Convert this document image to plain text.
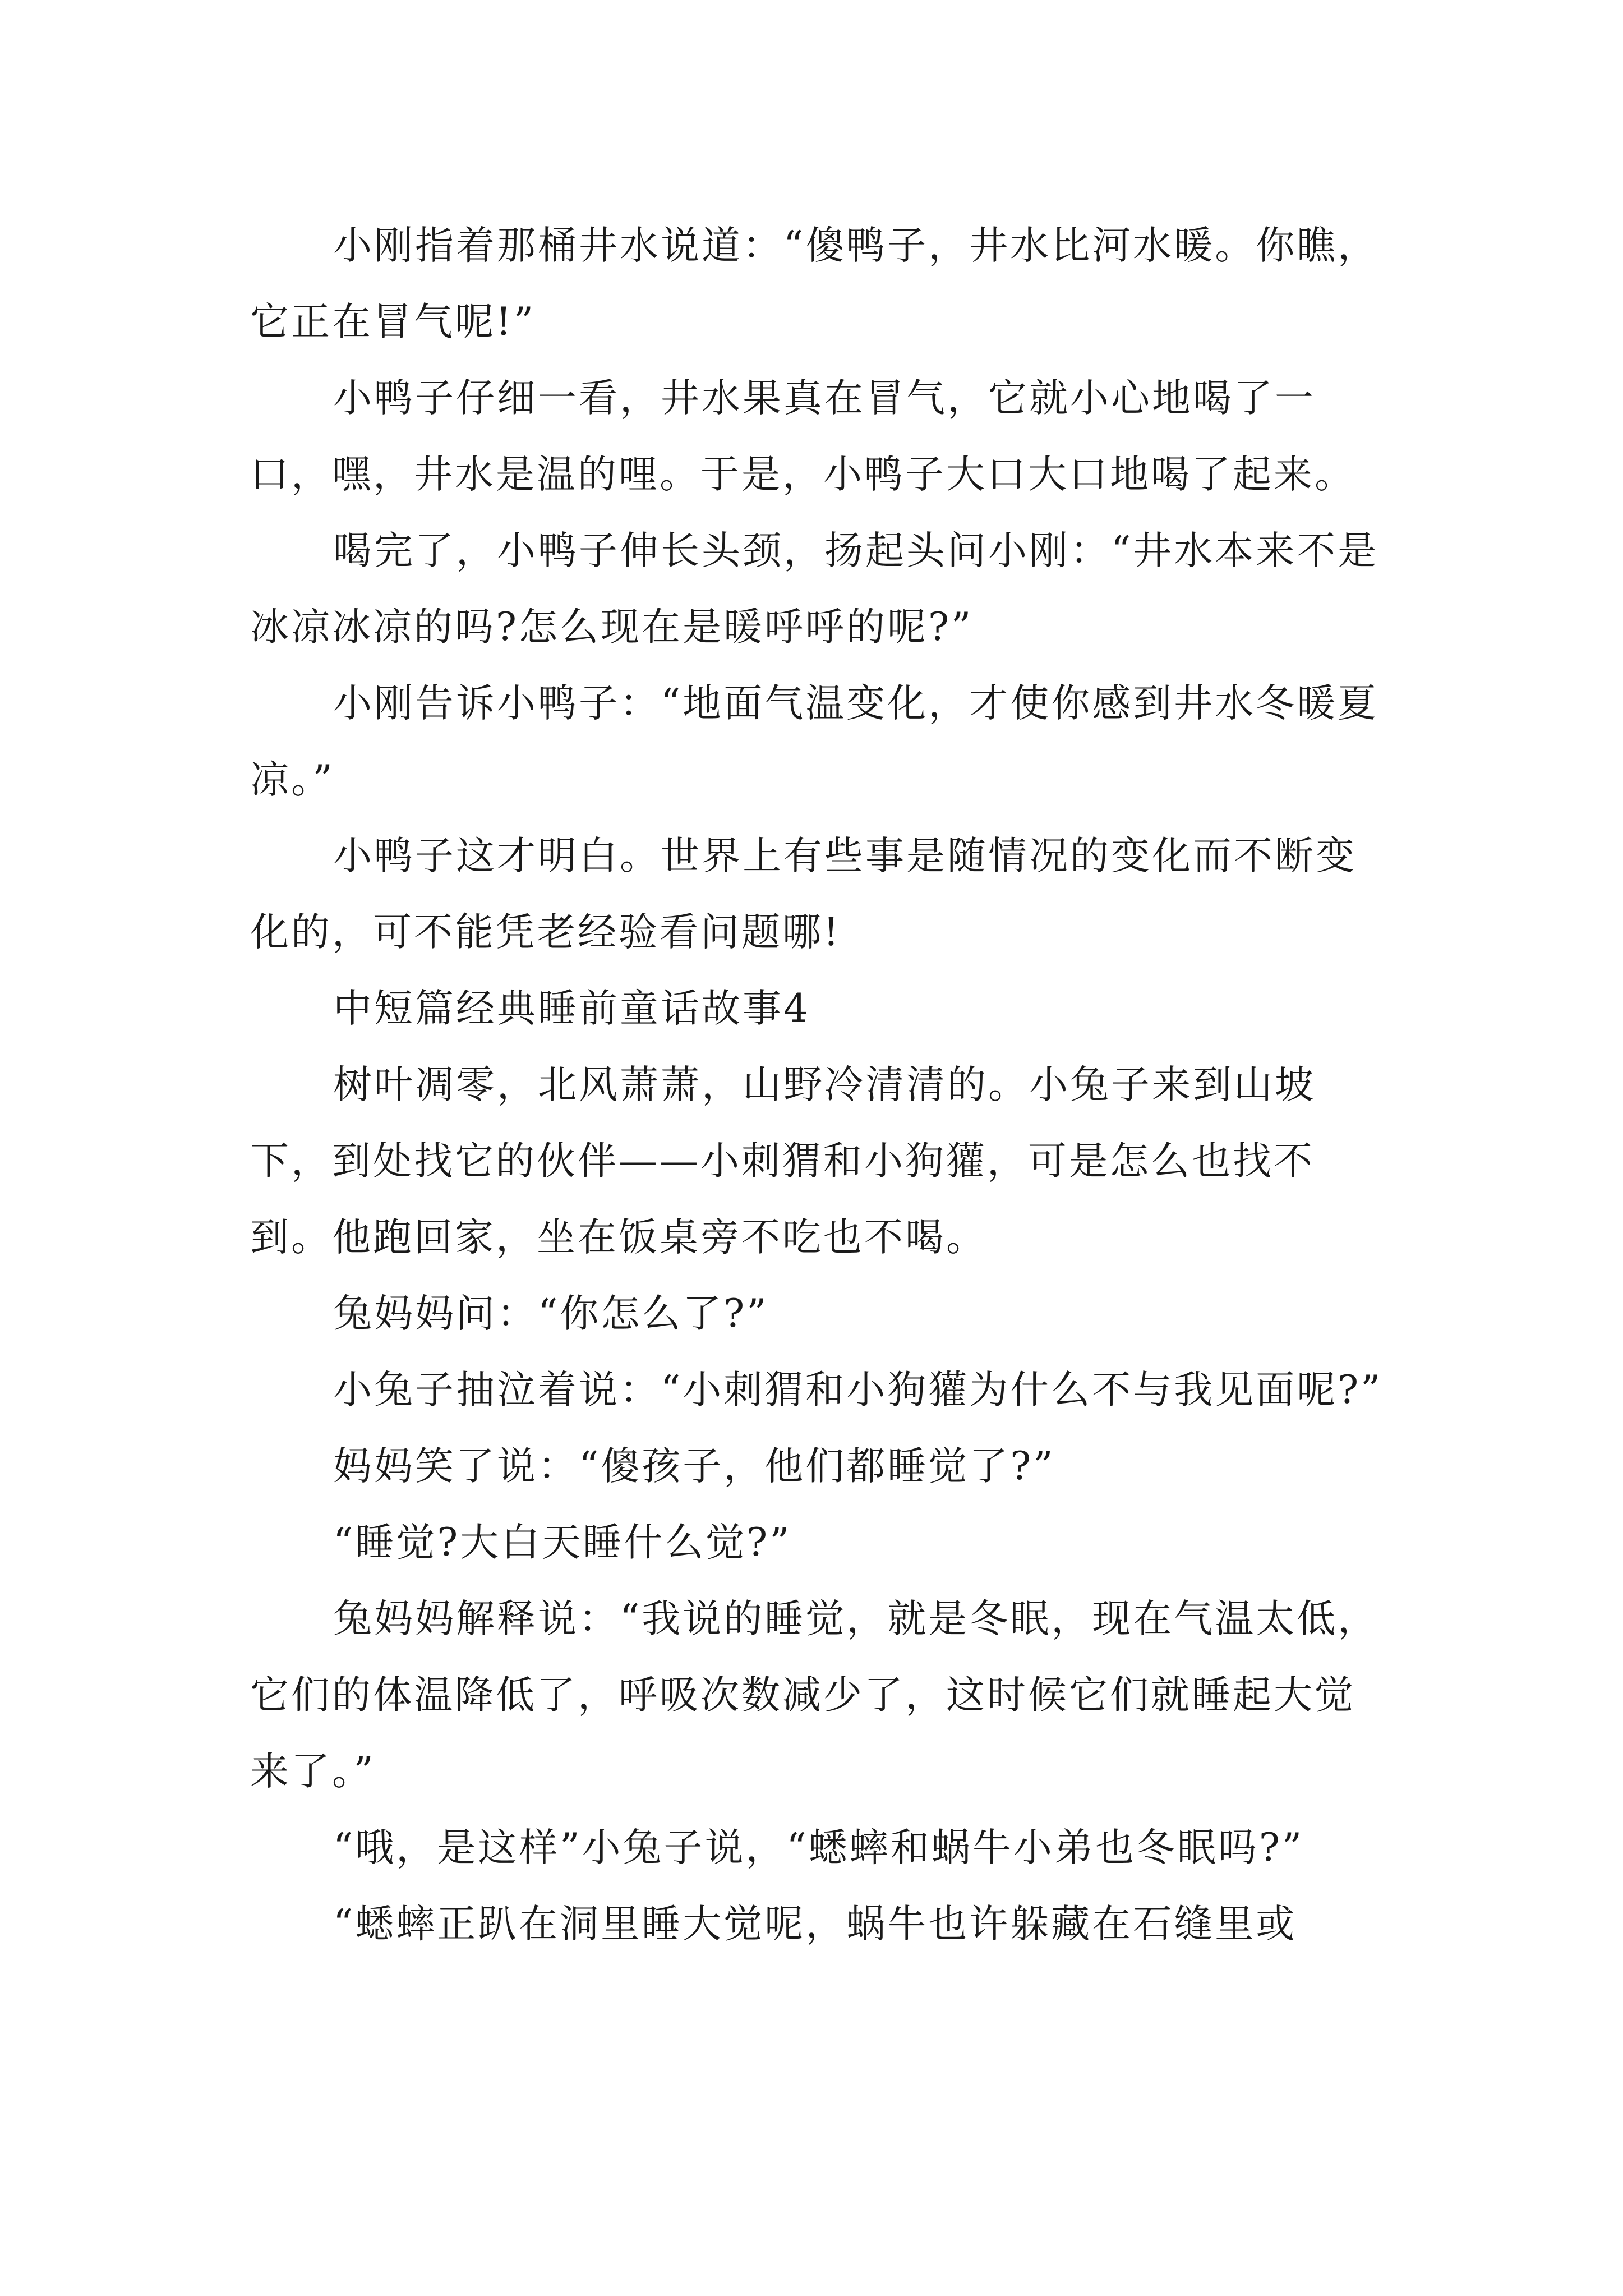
小刚指着那桶井水说道：“傻鸭子，井水比河水暖。你瞧，它正在冒气呢!”

小鸭子仔细一看，井水果真在冒气，它就小心地喝了一口，嘿，井水是温的哩。于是，小鸭子大口大口地喝了起来。

喝完了，小鸭子伸长头颈，扬起头问小刚：“井水本来不是冰凉冰凉的吗?怎么现在是暖呼呼的呢?”

小刚告诉小鸭子：“地面气温变化，才使你感到井水冬暖夏凉。”

小鸭子这才明白。世界上有些事是随情况的变化而不断变化的，可不能凭老经验看问题哪!

中短篇经典睡前童话故事4

树叶凋零，北风萧萧，山野冷清清的。小兔子来到山坡下，到处找它的伙伴——小刺猬和小狗獾，可是怎么也找不到。他跑回家，坐在饭桌旁不吃也不喝。

兔妈妈问：“你怎么了?”

小兔子抽泣着说：“小刺猬和小狗獾为什么不与我见面呢?”

妈妈笑了说：“傻孩子，他们都睡觉了?”

“睡觉?大白天睡什么觉?”

兔妈妈解释说：“我说的睡觉，就是冬眠，现在气温太低，它们的体温降低了，呼吸次数减少了，这时候它们就睡起大觉来了。”

“哦，是这样”小兔子说，“蟋蟀和蜗牛小弟也冬眠吗?”

“蟋蟀正趴在洞里睡大觉呢，蜗牛也许躲藏在石缝里或
